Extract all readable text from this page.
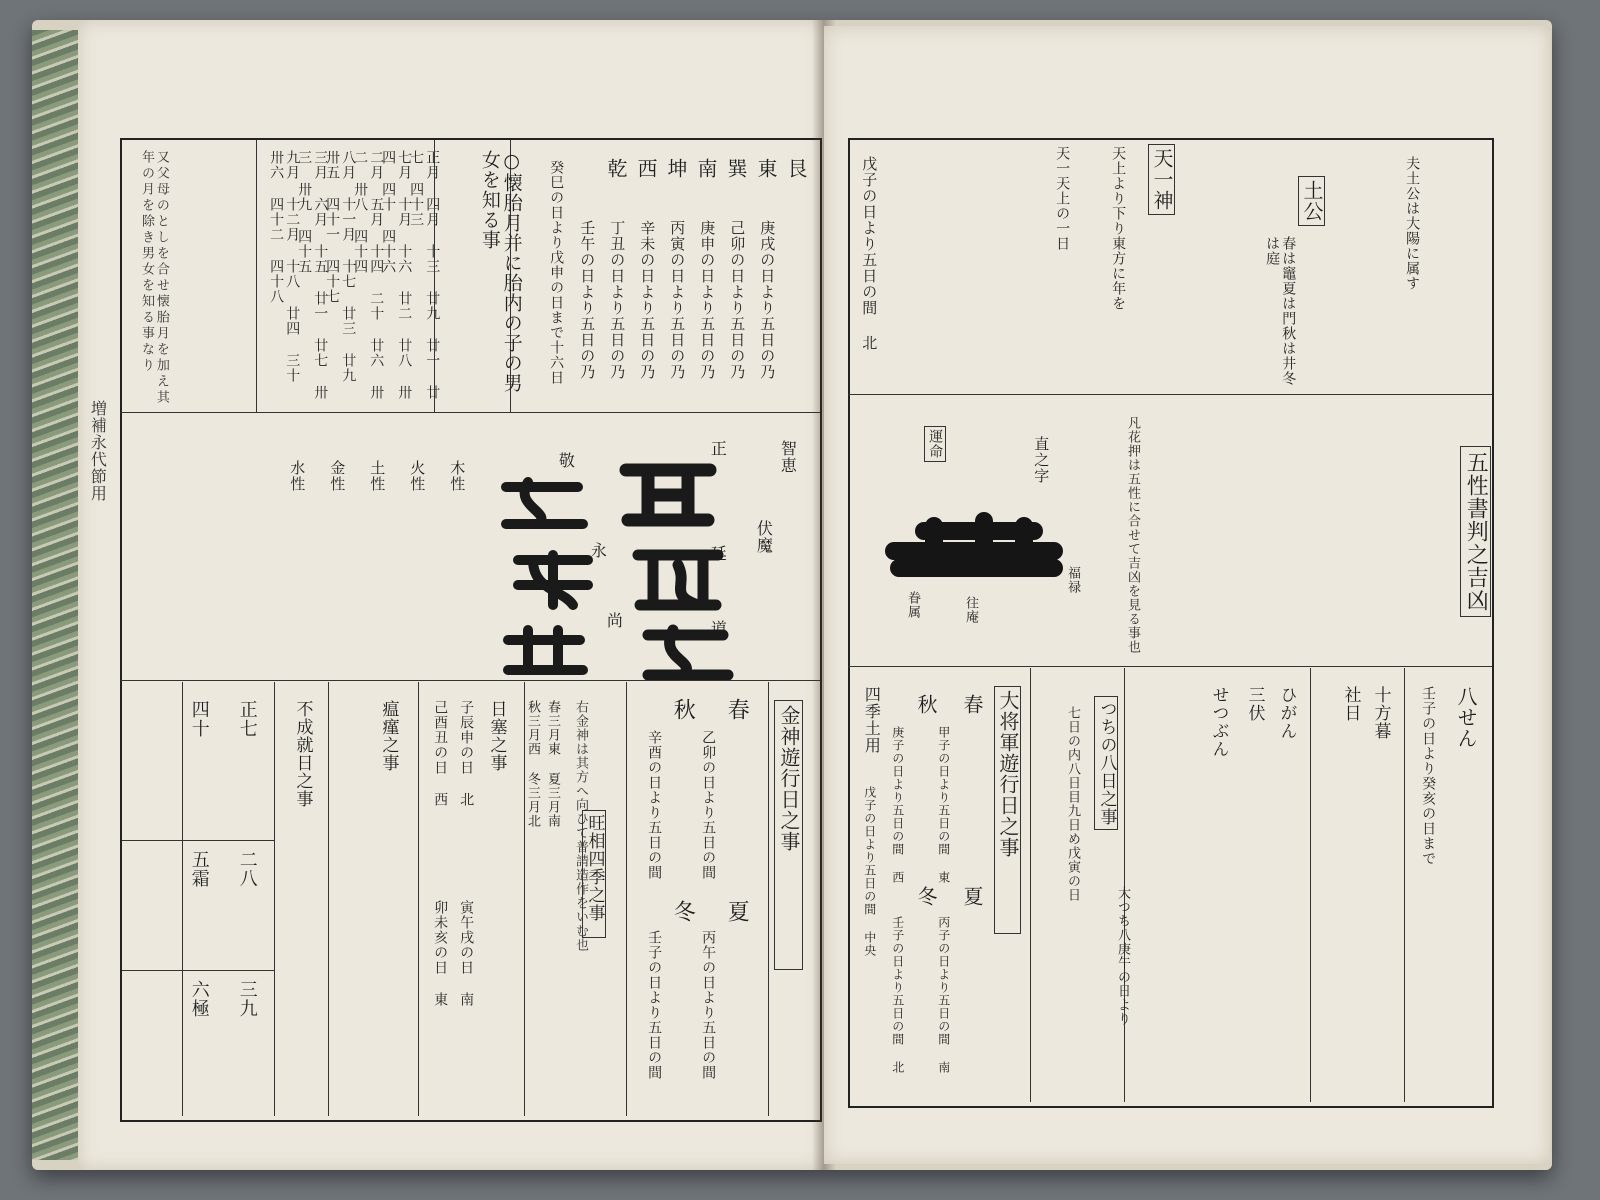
艮
東
巽
南
坤
西
乾
庚戌の日より五日の乃
己卯の日より五日の乃
庚申の日より五日の乃
丙寅の日より五日の乃
辛未の日より五日の乃
丁丑の日より五日の乃
壬午の日より五日の乃
癸巳の日より戊申の日まで十六日
○懐胎月并に胎内の子の男女を知る事
正月 四月 十三 廿九 廿一 廿七 四十三
七月 十月 十六 廿二 廿八 卅四 四十 四十六
二月 五月 十四 二十 廿六 卅二 卅八 四十四
八月 十一月 十七 廿三 廿九 卅五 四十一 四十七
三月 六月 十五 廿一 廿七 卅三 卅九 四十五
九月 十二月 十八 廿四 三十 卅六 四十二 四十八
又父母のとしを合せ懐胎月を加え其年の月を除き男女を知る事なり
智恵
伏魔
正
延
道
敬
永
尚
木性
火性
土性
金性
水性
金神遊行日之事
春
夏
秋
冬
乙卯の日より五日の間
丙午の日より五日の間
辛酉の日より五日の間
壬子の日より五日の間
右金神は其方へ向ひて普請造作をいむ也
旺相四季之事
春三月東 夏三月南
秋三月西 冬三月北
日塞之事
子辰申の日 北
己酉丑の日 西
寅午戌の日 南
卯未亥の日 東
瘟瘽之事
不成就日之事
正七
四十
二八
五霜
三九
六極
増補永代節用
土公	夫土公は大陽に属す
春は竈夏は門秋は井冬は庭
天一神
天上より下り東方に年を
天一天上の一日
戊子の日より五日の間 北
五性書判之吉凶
運命
福禄
直之字
往庵
眷属	凡花押は五性に合せて吉凶を見る事也
八せん
壬子の日より癸亥の日まで
十方暮
社日
ひがん
三伏
せつぶん
つちの八日之事
大つち八庚午の日より
七日の内八日目九日め戊寅の日
大将軍遊行日之事
春
夏
秋
冬
甲子の日より五日の間 東
丙子の日より五日の間 南
庚子の日より五日の間 西
壬子の日より五日の間 北
四季土用
戊子の日より五日の間 中央
